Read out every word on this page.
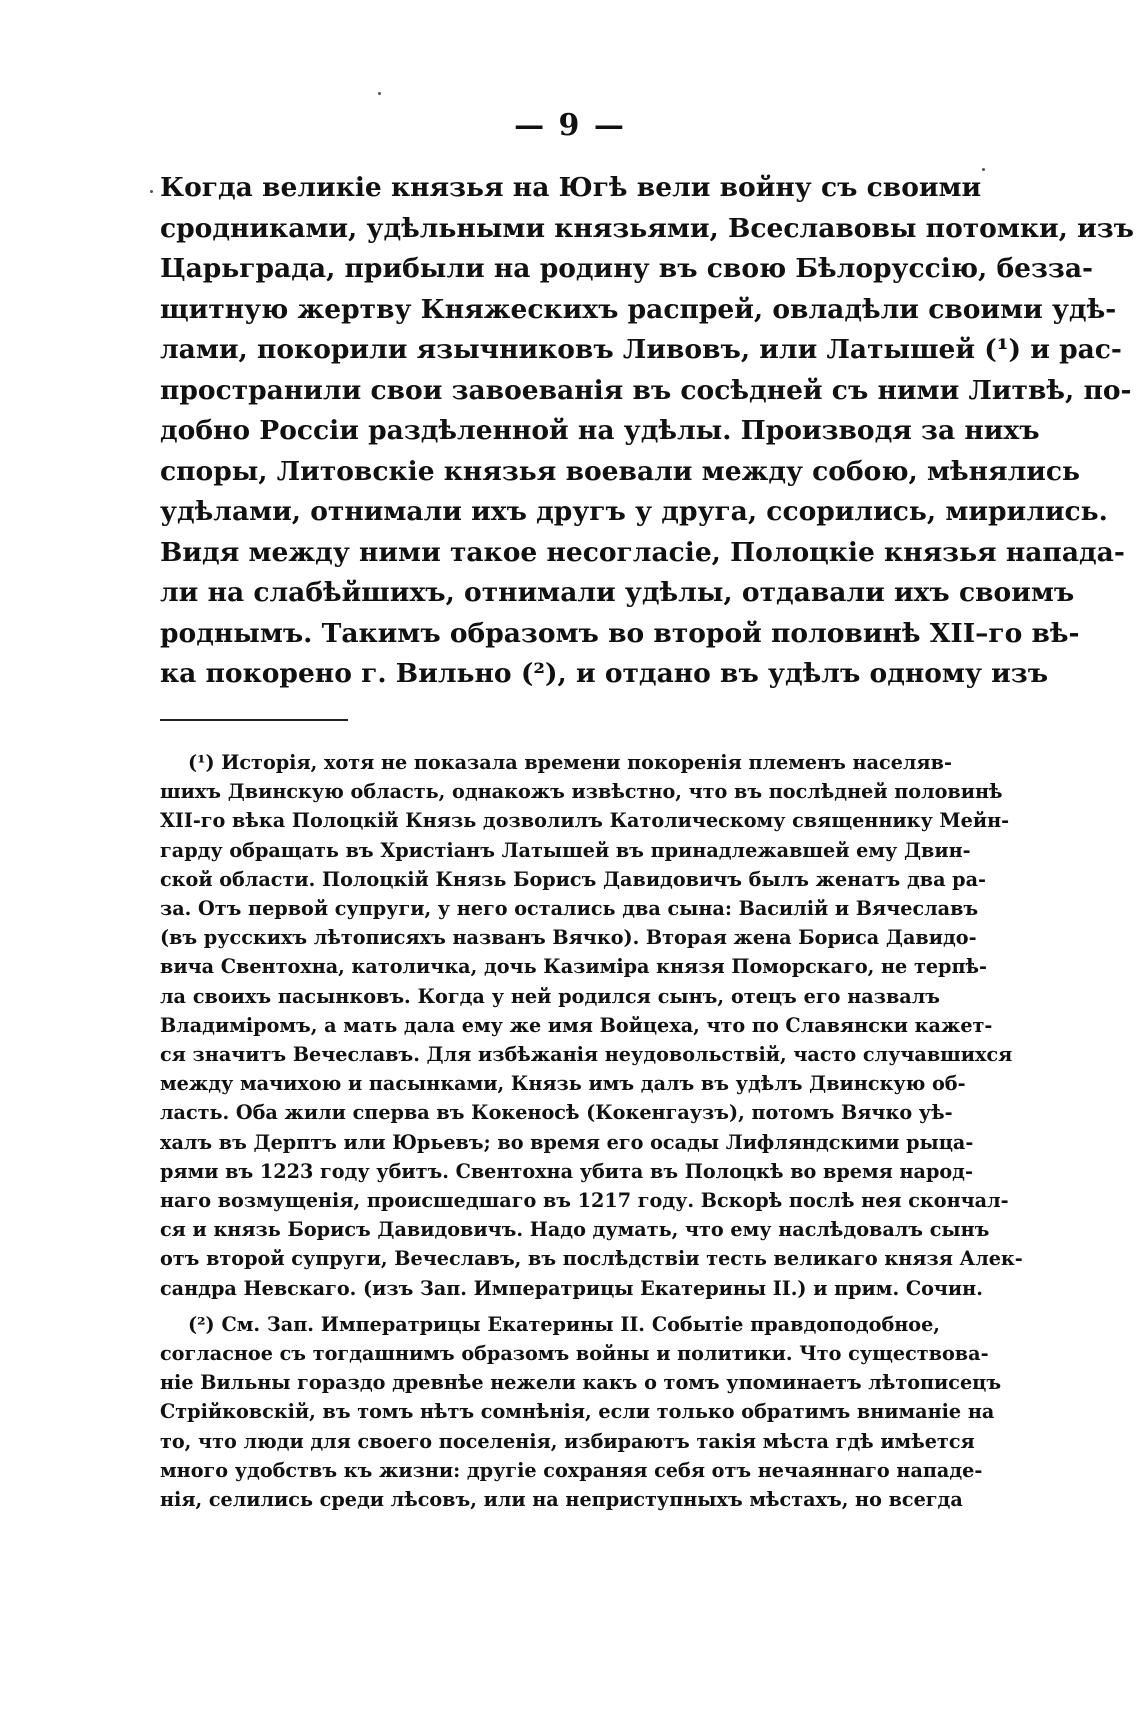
— 9 —
Когда великіе князья на Югѣ вели войну съ своими
сродниками, удѣльными князьями, Всеславовы потомки, изъ
Царьграда, прибыли на родину въ свою Бѣлоруссію, безза-
щитную жертву Княжескихъ распрей, овладѣли своими удѣ-
лами, покорили язычниковъ Ливовъ, или Латышей (¹) и рас-
пространили свои завоеванія въ сосѣдней съ ними Литвѣ, по-
добно Россіи раздѣленной на удѣлы. Производя за нихъ
споры, Литовскіе князья воевали между собою, мѣнялись
удѣлами, отнимали ихъ другъ у друга, ссорились, мирились.
Видя между ними такое несогласіе, Полоцкіе князья напада-
ли на слабѣйшихъ, отнимали удѣлы, отдавали ихъ своимъ
роднымъ. Такимъ образомъ во второй половинѣ XII–го вѣ-
ка покорено г. Вильно (²), и отдано въ удѣлъ одному изъ
(¹) Исторія, хотя не показала времени покоренія племенъ населяв-
шихъ Двинскую область, однакожъ извѣстно, что въ послѣдней половинѣ
XII-го вѣка Полоцкій Князь дозволилъ Католическому священнику Мейн-
гарду обращать въ Христіанъ Латышей въ принадлежавшей ему Двин-
ской области. Полоцкій Князь Борисъ Давидовичъ былъ женатъ два ра-
за. Отъ первой супруги, у него остались два сына: Василій и Вячеславъ
(въ русскихъ лѣтописяхъ названъ Вячко). Вторая жена Бориса Давидо-
вича Свентохна, католичка, дочь Казиміра князя Поморскаго, не терпѣ-
ла своихъ пасынковъ. Когда у ней родился сынъ, отецъ его назвалъ
Владиміромъ, а мать дала ему же имя Войцеха, что по Славянски кажет-
ся значитъ Вечеславъ. Для избѣжанія неудовольствій, часто случавшихся
между мачихою и пасынками, Князь имъ далъ въ удѣлъ Двинскую об-
ласть. Оба жили сперва въ Кокеносѣ (Кокенгаузъ), потомъ Вячко уѣ-
халъ въ Дерптъ или Юрьевъ; во время его осады Лифляндскими рыца-
рями въ 1223 году убитъ. Свентохна убита въ Полоцкѣ во время народ-
наго возмущенія, происшедшаго въ 1217 году. Вскорѣ послѣ нея скончал-
ся и князь Борисъ Давидовичъ. Надо думать, что ему наслѣдовалъ сынъ
отъ второй супруги, Вечеславъ, въ послѣдствіи тесть великаго князя Алек-
сандра Невскаго. (изъ Зап. Императрицы Екатерины II.) и прим. Сочин.
(²) См. Зап. Императрицы Екатерины II. Событіе правдоподобное,
согласное съ тогдашнимъ образомъ войны и политики. Что существова-
ніе Вильны гораздо древнѣе нежели какъ о томъ упоминаетъ лѣтописецъ
Стрійковскій, въ томъ нѣтъ сомнѣнія, если только обратимъ вниманіе на
то, что люди для своего поселенія, избираютъ такія мѣста гдѣ имѣется
много удобствъ къ жизни: другіе сохраняя себя отъ нечаяннаго нападе-
нія, селились среди лѣсовъ, или на неприступныхъ мѣстахъ, но всегда
